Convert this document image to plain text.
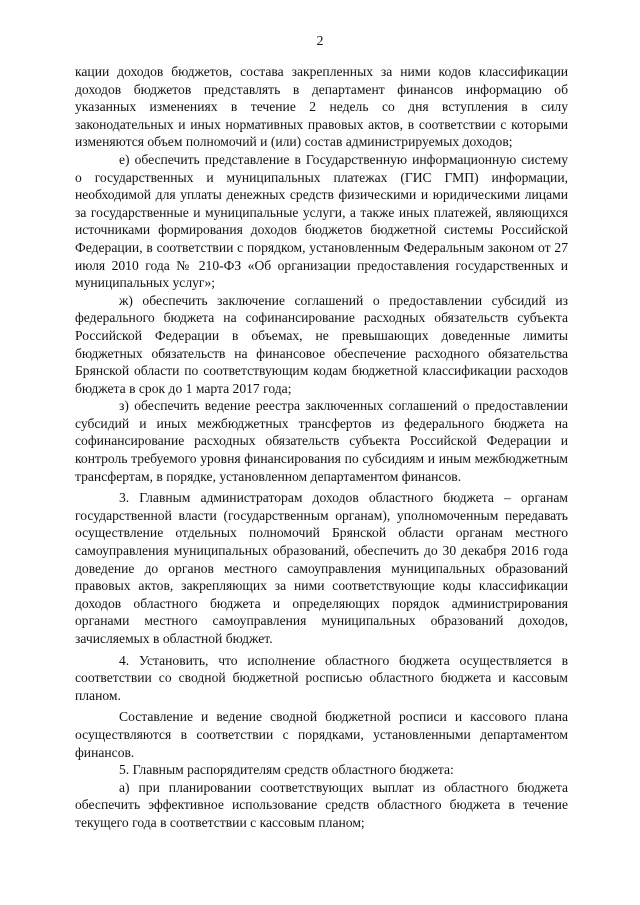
2

кации доходов бюджетов, состава закрепленных за ними кодов классификации доходов бюджетов представлять в департамент финансов информацию об указанных изменениях в течение 2 недель со дня вступления в силу законодательных и иных нормативных правовых актов, в соответствии с которыми изменяются объем полномочий и (или) состав администрируемых доходов;

е) обеспечить представление в Государственную информационную систему о государственных и муниципальных платежах (ГИС ГМП) информации, необходимой для уплаты денежных средств физическими и юридическими лицами за государственные и муниципальные услуги, а также иных платежей, являющихся источниками формирования доходов бюджетов бюджетной системы Российской Федерации, в соответствии с порядком, установленным Федеральным законом от 27 июля 2010 года № 210-ФЗ «Об организации предоставления государственных и муниципальных услуг»;

ж) обеспечить заключение соглашений о предоставлении субсидий из федерального бюджета на софинансирование расходных обязательств субъекта Российской Федерации в объемах, не превышающих доведенные лимиты бюджетных обязательств на финансовое обеспечение расходного обязательства Брянской области по соответствующим кодам бюджетной классификации расходов бюджета в срок до 1 марта 2017 года;

з) обеспечить ведение реестра заключенных соглашений о предоставлении субсидий и иных межбюджетных трансфертов из федерального бюджета на софинансирование расходных обязательств субъекта Российской Федерации и контроль требуемого уровня финансирования по субсидиям и иным межбюджетным трансфертам, в порядке, установленном департаментом финансов.

3. Главным администраторам доходов областного бюджета – органам государственной власти (государственным органам), уполномоченным передавать осуществление отдельных полномочий Брянской области органам местного самоуправления муниципальных образований, обеспечить до 30 декабря 2016 года доведение до органов местного самоуправления муниципальных образований правовых актов, закрепляющих за ними соответствующие коды классификации доходов областного бюджета и определяющих порядок администрирования органами местного самоуправления муниципальных образований доходов, зачисляемых в областной бюджет.

4. Установить, что исполнение областного бюджета осуществляется в соответствии со сводной бюджетной росписью областного бюджета и кассовым планом.

Составление и ведение сводной бюджетной росписи и кассового плана осуществляются в соответствии с порядками, установленными департаментом финансов.

5. Главным распорядителям средств областного бюджета:

а) при планировании соответствующих выплат из областного бюджета обеспечить эффективное использование средств областного бюджета в течение текущего года в соответствии с кассовым планом;
